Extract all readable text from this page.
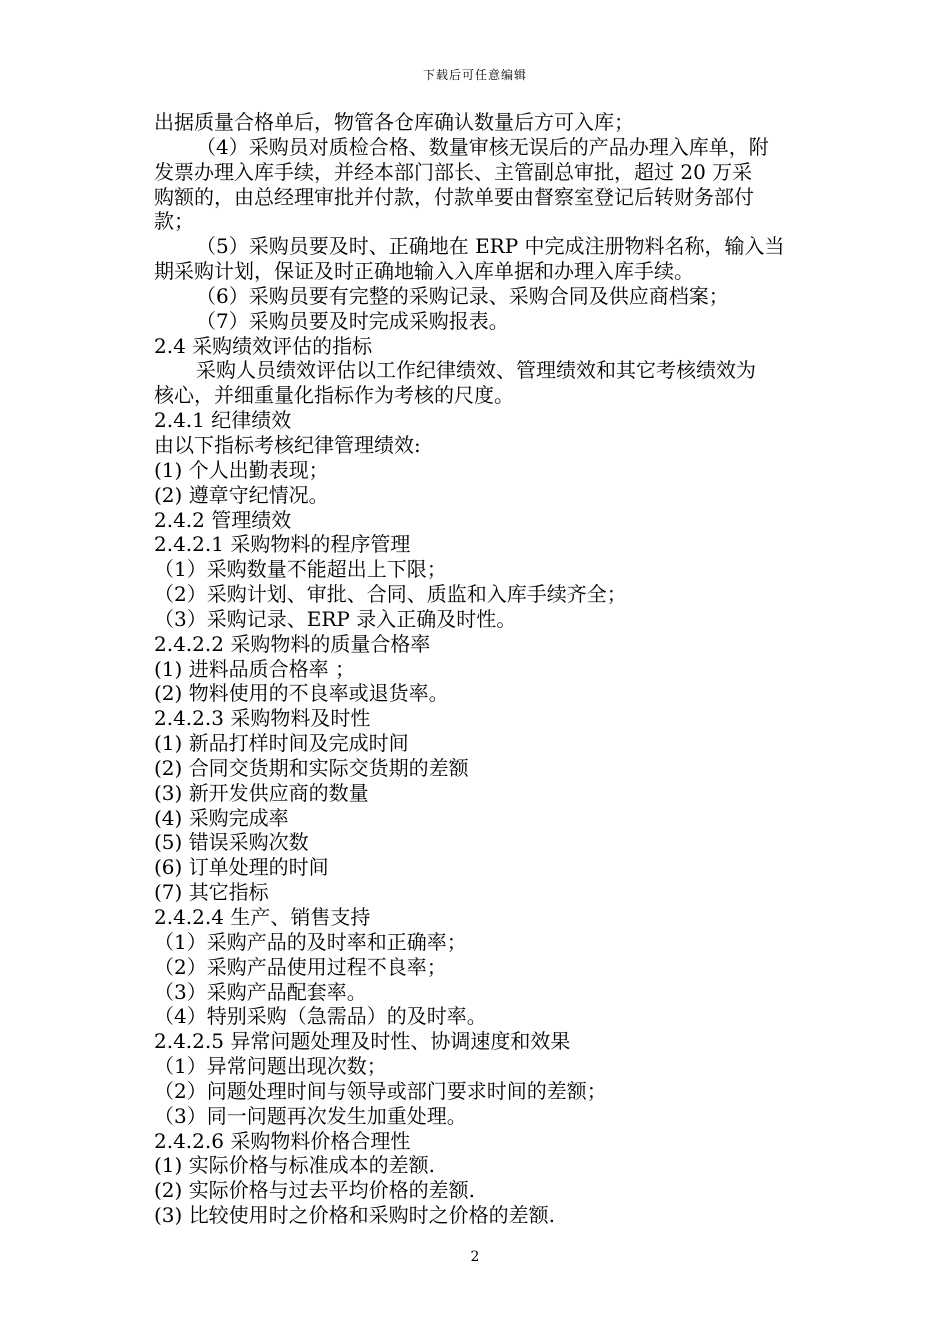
下载后可任意编辑
出据质量合格单后，物管各仓库确认数量后方可入库；
（4）采购员对质检合格、数量审核无误后的产品办理入库单，附
发票办理入库手续，并经本部门部长、主管副总审批，超过 20 万采
购额的，由总经理审批并付款，付款单要由督察室登记后转财务部付
款；
（5）采购员要及时、正确地在 ERP 中完成注册物料名称，输入当
期采购计划，保证及时正确地输入入库单据和办理入库手续。
（6）采购员要有完整的采购记录、采购合同及供应商档案；
（7）采购员要及时完成采购报表。
2.4 采购绩效评估的指标
采购人员绩效评估以工作纪律绩效、管理绩效和其它考核绩效为
核心，并细重量化指标作为考核的尺度。
2.4.1 纪律绩效
由以下指标考核纪律管理绩效:
(1) 个人出勤表现；
(2) 遵章守纪情况。
2.4.2 管理绩效
2.4.2.1 采购物料的程序管理
（1）采购数量不能超出上下限；
（2）采购计划、审批、合同、质监和入库手续齐全；
（3）采购记录、ERP 录入正确及时性。
2.4.2.2 采购物料的质量合格率
(1) 进料品质合格率 ；
(2) 物料使用的不良率或退货率。
2.4.2.3 采购物料及时性
(1) 新品打样时间及完成时间
(2) 合同交货期和实际交货期的差额
(3) 新开发供应商的数量
(4) 采购完成率
(5) 错误采购次数
(6) 订单处理的时间
(7) 其它指标
2.4.2.4 生产、销售支持
（1）采购产品的及时率和正确率；
（2）采购产品使用过程不良率；
（3）采购产品配套率。
（4）特别采购（急需品）的及时率。
2.4.2.5 异常问题处理及时性、协调速度和效果
（1）异常问题出现次数；
（2）问题处理时间与领导或部门要求时间的差额；
（3）同一问题再次发生加重处理。
2.4.2.6 采购物料价格合理性
(1) 实际价格与标准成本的差额.
(2) 实际价格与过去平均价格的差额.
(3) 比较使用时之价格和采购时之价格的差额.
2
